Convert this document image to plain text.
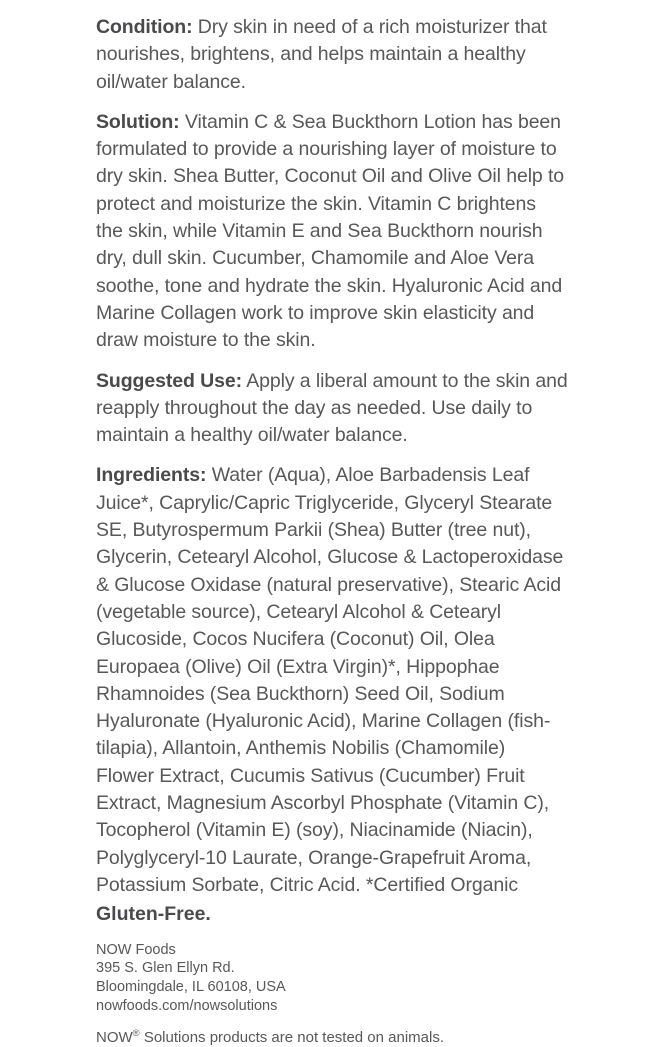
Condition: Dry skin in need of a rich moisturizer that nourishes, brightens, and helps maintain a healthy oil/water balance.

Solution: Vitamin C & Sea Buckthorn Lotion has been formulated to provide a nourishing layer of moisture to dry skin. Shea Butter, Coconut Oil and Olive Oil help to protect and moisturize the skin. Vitamin C brightens the skin, while Vitamin E and Sea Buckthorn nourish dry, dull skin. Cucumber, Chamomile and Aloe Vera soothe, tone and hydrate the skin. Hyaluronic Acid and Marine Collagen work to improve skin elasticity and draw moisture to the skin.

Suggested Use: Apply a liberal amount to the skin and reapply throughout the day as needed. Use daily to maintain a healthy oil/water balance.

Ingredients: Water (Aqua), Aloe Barbadensis Leaf Juice*, Caprylic/Capric Triglyceride, Glyceryl Stearate SE, Butyrospermum Parkii (Shea) Butter (tree nut), Glycerin, Cetearyl Alcohol, Glucose & Lactoperoxidase & Glucose Oxidase (natural preservative), Stearic Acid (vegetable source), Cetearyl Alcohol & Cetearyl Glucoside, Cocos Nucifera (Coconut) Oil, Olea Europaea (Olive) Oil (Extra Virgin)*, Hippophae Rhamnoides (Sea Buckthorn) Seed Oil, Sodium Hyaluronate (Hyaluronic Acid), Marine Collagen (fish-tilapia), Allantoin, Anthemis Nobilis (Chamomile) Flower Extract, Cucumis Sativus (Cucumber) Fruit Extract, Magnesium Ascorbyl Phosphate (Vitamin C), Tocopherol (Vitamin E) (soy), Niacinamide (Niacin), Polyglyceryl-10 Laurate, Orange-Grapefruit Aroma, Potassium Sorbate, Citric Acid. *Certified Organic

Gluten-Free.

NOW Foods
395 S. Glen Ellyn Rd.
Bloomingdale, IL 60108, USA
nowfoods.com/nowsolutions

NOW® Solutions products are not tested on animals.
